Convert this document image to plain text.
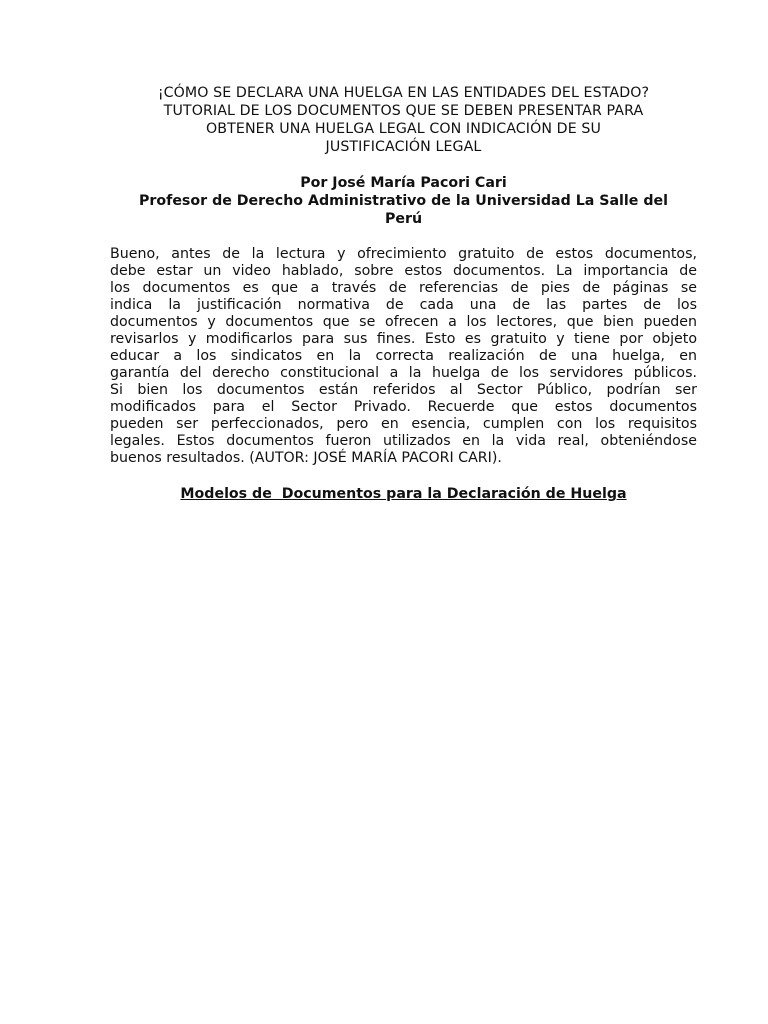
¡CÓMO SE DECLARA UNA HUELGA EN LAS ENTIDADES DEL ESTADO?
TUTORIAL DE LOS DOCUMENTOS QUE SE DEBEN PRESENTAR PARA
OBTENER UNA HUELGA LEGAL CON INDICACIÓN DE SU
JUSTIFICACIÓN LEGAL
Por José María Pacori Cari
Profesor de Derecho Administrativo de la Universidad La Salle del
Perú
Bueno, antes de la lectura y ofrecimiento gratuito de estos documentos,
debe estar un video hablado, sobre estos documentos. La importancia de
los documentos es que a través de referencias de pies de páginas se
indica la justificación normativa de cada una de las partes de los
documentos y documentos que se ofrecen a los lectores, que bien pueden
revisarlos y modificarlos para sus fines. Esto es gratuito y tiene por objeto
educar a los sindicatos en la correcta realización de una huelga, en
garantía del derecho constitucional a la huelga de los servidores públicos.
Si bien los documentos están referidos al Sector Público, podrían ser
modificados para el Sector Privado. Recuerde que estos documentos
pueden ser perfeccionados, pero en esencia, cumplen con los requisitos
legales. Estos documentos fueron utilizados en la vida real, obteniéndose
buenos resultados. (AUTOR: JOSÉ MARÍA PACORI CARI).
Modelos de  Documentos para la Declaración de Huelga
